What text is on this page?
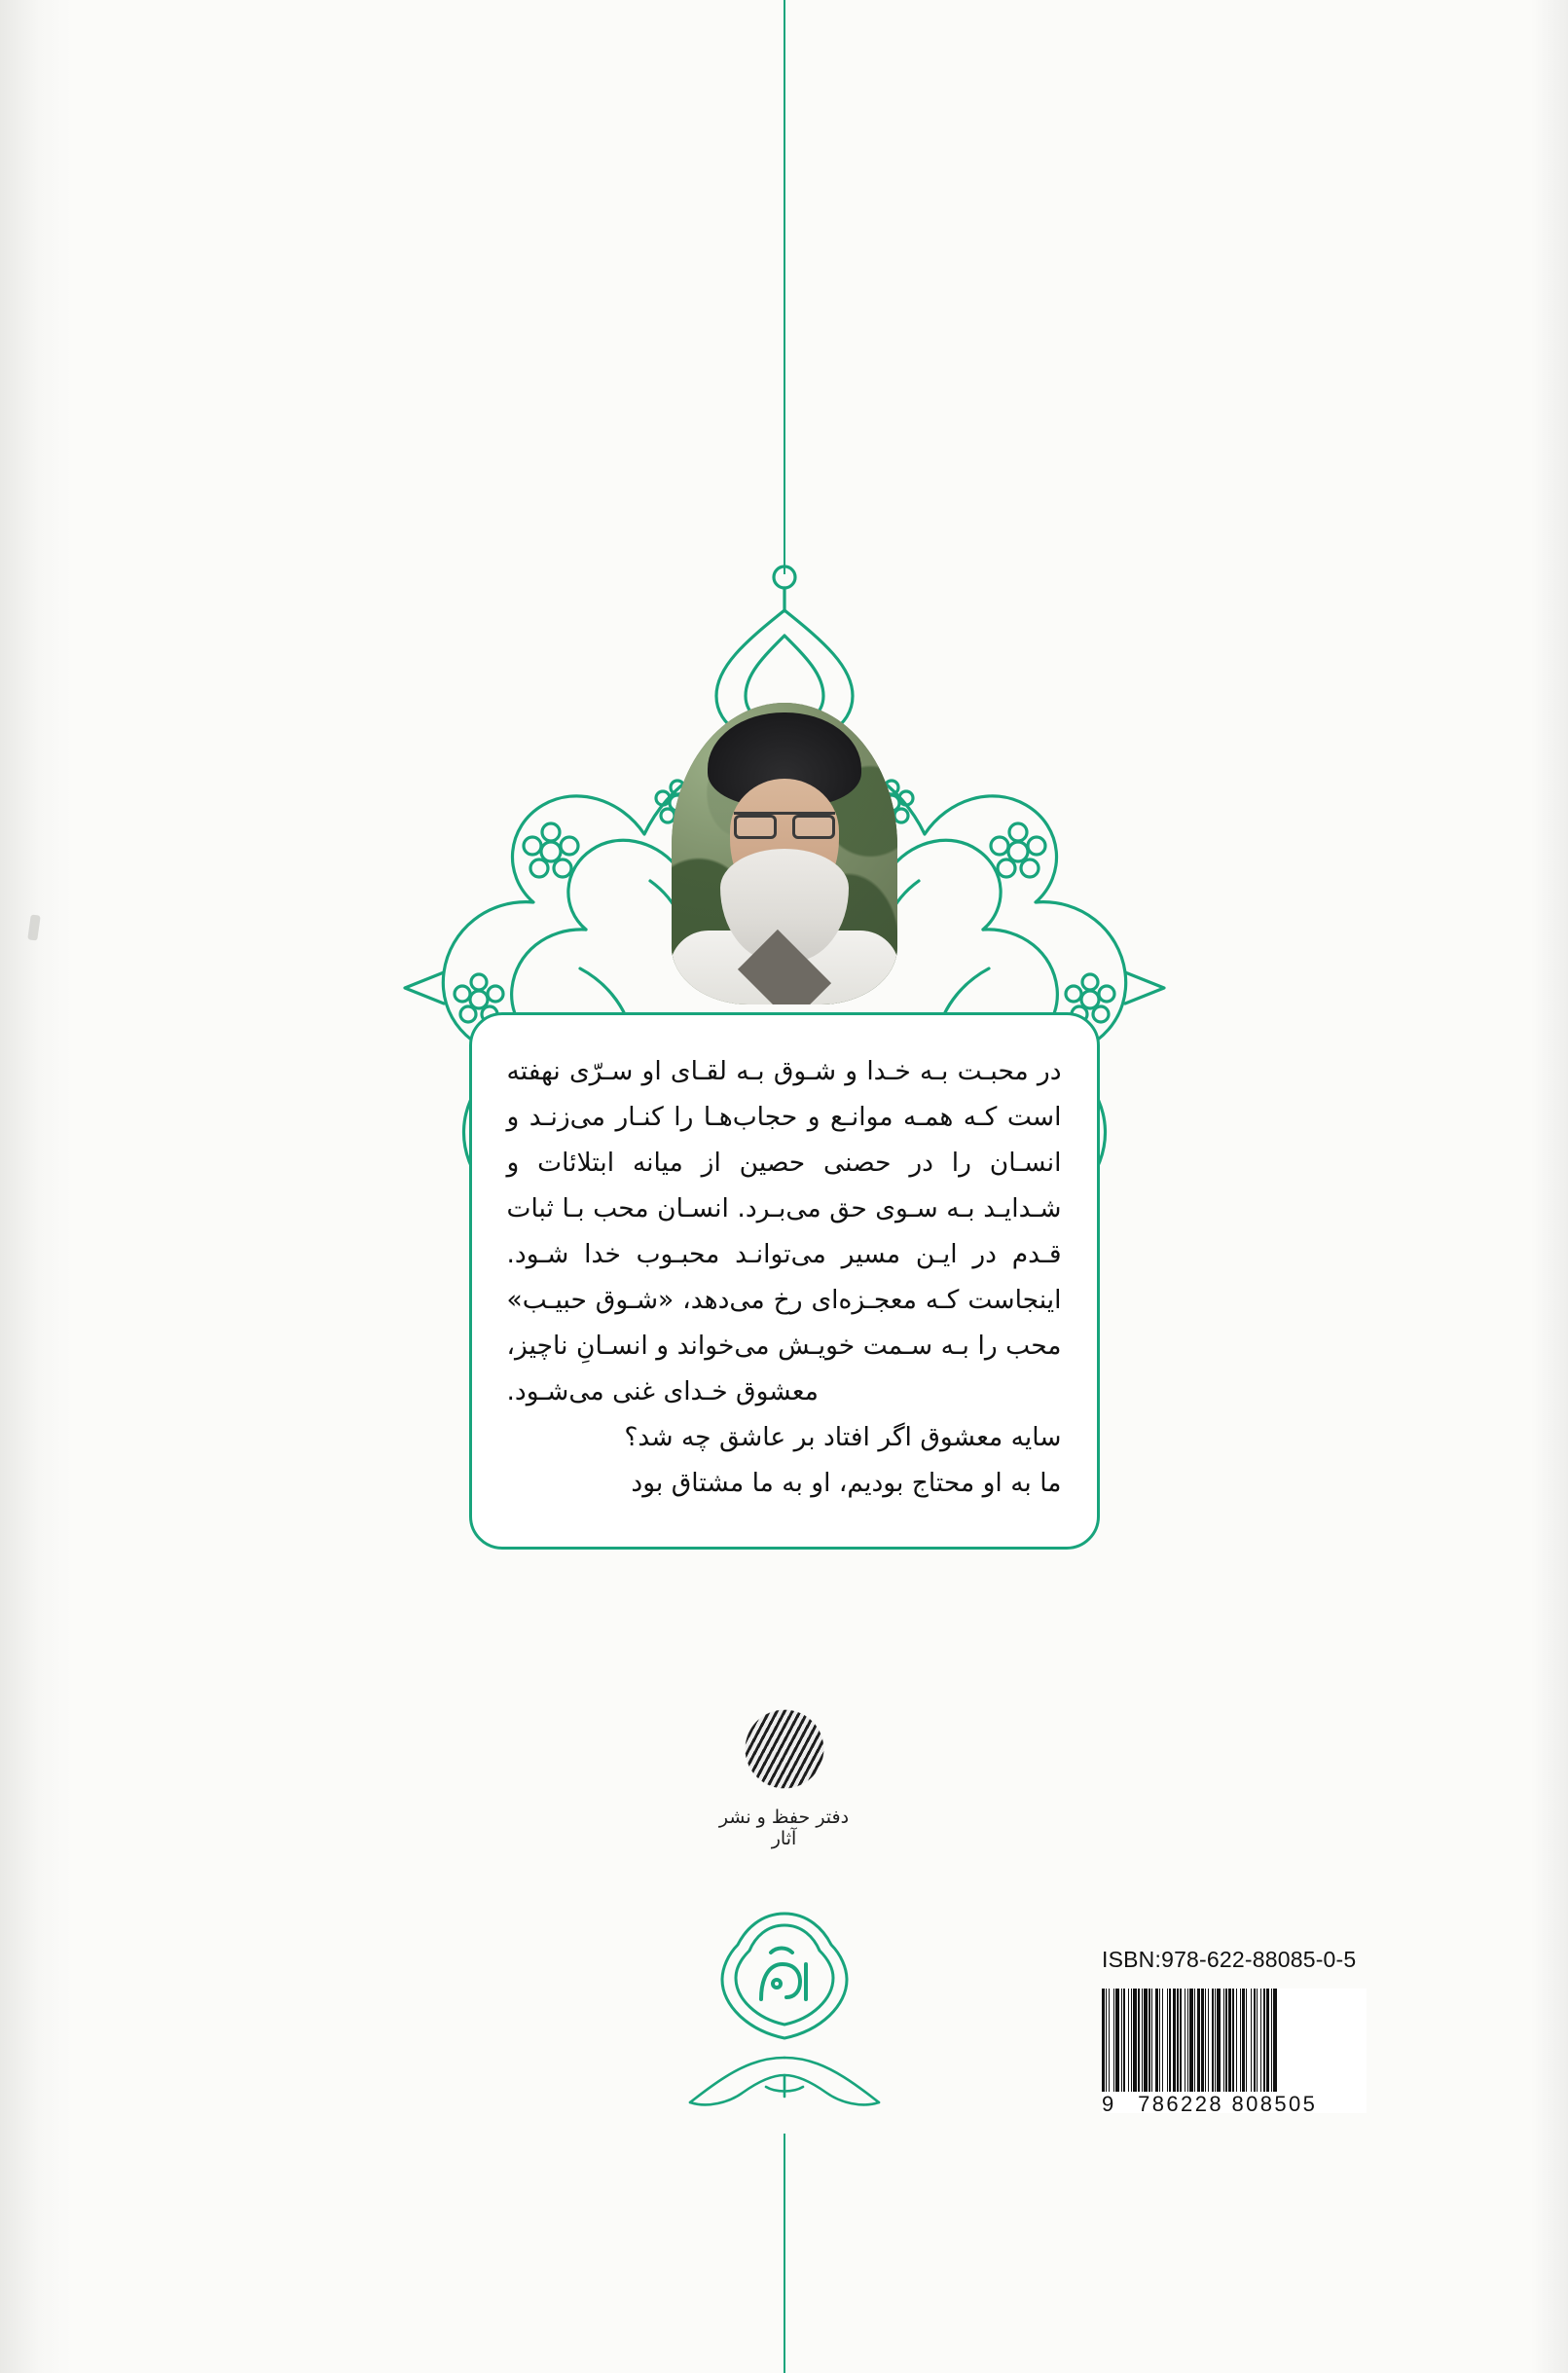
در محبـت بـه خـدا و شـوق بـه لقـای او سـرّی نهفته است کـه همـه موانـع و حجاب‌هـا را کنـار می‌زنـد و انسـان را در حصنی حصین از میانه ابتلائات و شـدایـد بـه سـوی حق می‌بـرد. انسـان محب بـا ثبات قـدم در ایـن مسیر می‌توانـد محبـوب خدا شـود. اینجاست کـه معجـزه‌ای رخ می‌دهد، «شـوق حبیـب» محب را بـه سـمت خویـش می‌خواند و انسـانِ ناچیز، معشوق خـدای غنی می‌شـود.

سایه معشوق اگر افتاد بر عاشق چه شد؟

ما به او محتاج بودیم، او به ما مشتاق بود

دفتر حفظ و نشر آثار
ISBN:978-622-88085-0-5
9 786228 808505
